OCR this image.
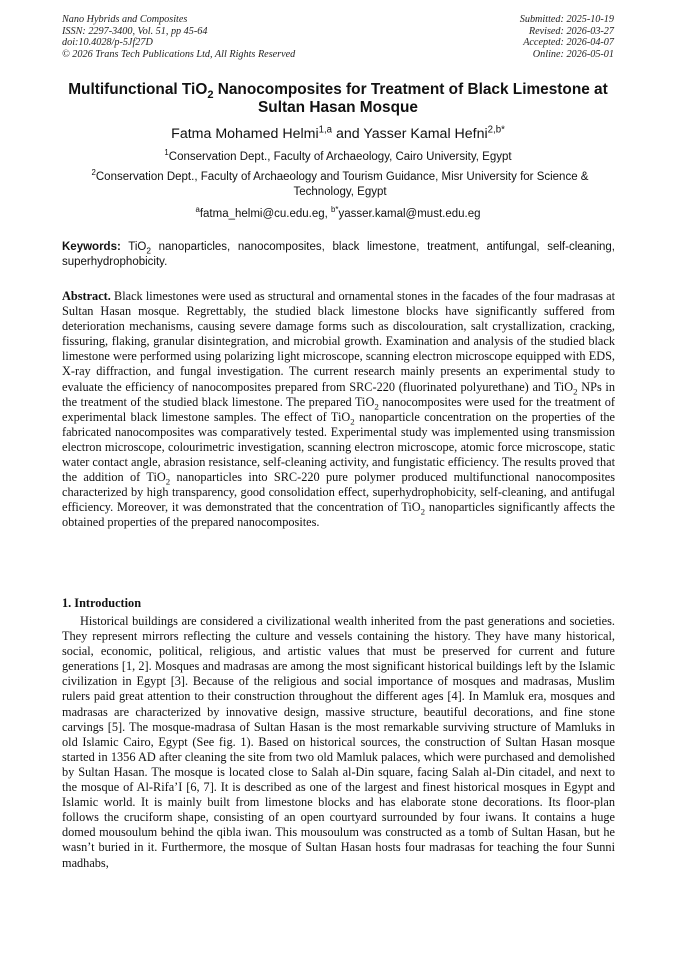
Nano Hybrids and Composites
ISSN: 2297-3400, Vol. 51, pp 45-64
doi:10.4028/p-5Jf27D
© 2026 Trans Tech Publications Ltd, All Rights Reserved
Submitted: 2025-10-19
Revised: 2026-03-27
Accepted: 2026-04-07
Online: 2026-05-01
Multifunctional TiO$_2$ Nanocomposites for Treatment of Black Limestone at Sultan Hasan Mosque
Fatma Mohamed Helmi$^{1,a}$ and Yasser Kamal Hefni$^{2,b*}$
$^1$Conservation Dept., Faculty of Archaeology, Cairo University, Egypt
$^2$Conservation Dept., Faculty of Archaeology and Tourism Guidance, Misr University for Science & Technology, Egypt
$^a$fatma_helmi@cu.edu.eg, $^{b*}$yasser.kamal@must.edu.eg
Keywords: TiO$_2$ nanoparticles, nanocomposites, black limestone, treatment, antifungal, self-cleaning, superhydrophobicity.
Abstract. Black limestones were used as structural and ornamental stones in the facades of the four madrasas at Sultan Hasan mosque. Regrettably, the studied black limestone blocks have significantly suffered from deterioration mechanisms, causing severe damage forms such as discolouration, salt crystallization, cracking, fissuring, flaking, granular disintegration, and microbial growth. Examination and analysis of the studied black limestone were performed using polarizing light microscope, scanning electron microscope equipped with EDS, X-ray diffraction, and fungal investigation. The current research mainly presents an experimental study to evaluate the efficiency of nanocomposites prepared from SRC-220 (fluorinated polyurethane) and TiO$_2$ NPs in the treatment of the studied black limestone. The prepared TiO$_2$ nanocomposites were used for the treatment of experimental black limestone samples. The effect of TiO$_2$ nanoparticle concentration on the properties of the fabricated nanocomposites was comparatively tested. Experimental study was implemented using transmission electron microscope, colourimetric investigation, scanning electron microscope, atomic force microscope, static water contact angle, abrasion resistance, self-cleaning activity, and fungistatic efficiency. The results proved that the addition of TiO$_2$ nanoparticles into SRC-220 pure polymer produced multifunctional nanocomposites characterized by high transparency, good consolidation effect, superhydrophobicity, self-cleaning, and antifugal efficiency. Moreover, it was demonstrated that the concentration of TiO$_2$ nanoparticles significantly affects the obtained properties of the prepared nanocomposites.
1. Introduction
Historical buildings are considered a civilizational wealth inherited from the past generations and societies. They represent mirrors reflecting the culture and vessels containing the history. They have many historical, social, economic, political, religious, and artistic values that must be preserved for current and future generations [1, 2]. Mosques and madrasas are among the most significant historical buildings left by the Islamic civilization in Egypt [3]. Because of the religious and social importance of mosques and madrasas, Muslim rulers paid great attention to their construction throughout the different ages [4]. In Mamluk era, mosques and madrasas are characterized by innovative design, massive structure, beautiful decorations, and fine stone carvings [5]. The mosque-madrasa of Sultan Hasan is the most remarkable surviving structure of Mamluks in old Islamic Cairo, Egypt (See fig. 1). Based on historical sources, the construction of Sultan Hasan mosque started in 1356 AD after cleaning the site from two old Mamluk palaces, which were purchased and demolished by Sultan Hasan. The mosque is located close to Salah al-Din square, facing Salah al-Din citadel, and next to the mosque of Al-Rifa’I [6, 7]. It is described as one of the largest and finest historical mosques in Egypt and Islamic world. It is mainly built from limestone blocks and has elaborate stone decorations. Its floor-plan follows the cruciform shape, consisting of an open courtyard surrounded by four iwans. It contains a huge domed mousoulum behind the qibla iwan. This mousoulum was constructed as a tomb of Sultan Hasan, but he wasn’t buried in it. Furthermore, the mosque of Sultan Hasan hosts four madrasas for teaching the four Sunni madhabs,
